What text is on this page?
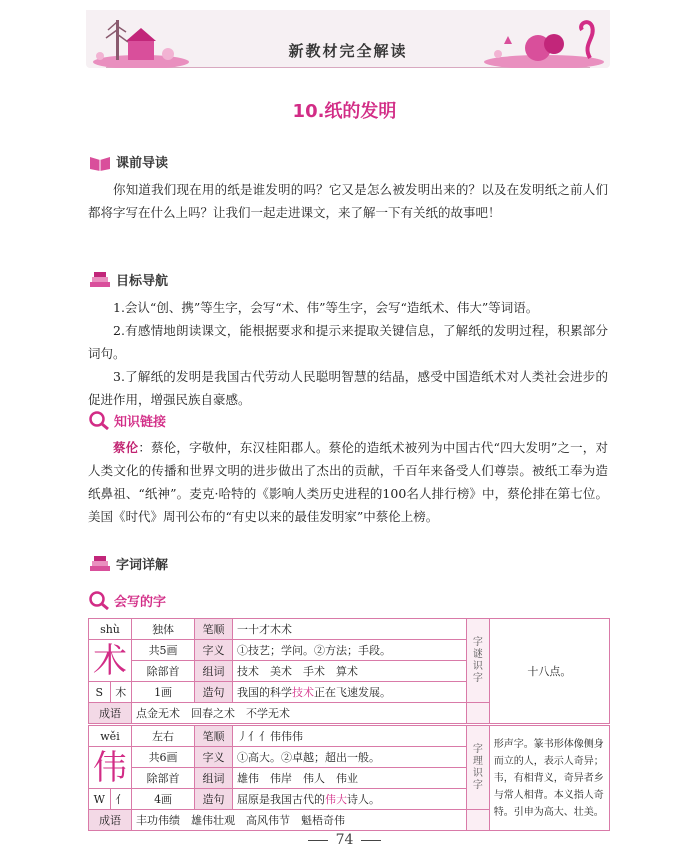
新教材完全解读
10.纸的发明
课前导读

你知道我们现在用的纸是谁发明的吗？它又是怎么被发明出来的？以及在发明纸之前人们都将字写在什么上吗？让我们一起走进课文，来了解一下有关纸的故事吧！

目标导航

1.会认“创、携”等生字，会写“术、伟”等生字，会写“造纸术、伟大”等词语。

2.有感情地朗读课文，能根据要求和提示来提取关键信息，了解纸的发明过程，积累部分词句。

3.了解纸的发明是我国古代劳动人民聪明智慧的结晶，感受中国造纸术对人类社会进步的促进作用，增强民族自豪感。

知识链接

蔡伦：蔡伦，字敬仲，东汉桂阳郡人。蔡伦的造纸术被列为中国古代“四大发明”之一，对人类文化的传播和世界文明的进步做出了杰出的贡献，千百年来备受人们尊崇。被纸工奉为造纸鼻祖、“纸神”。麦克·哈特的《影响人类历史进程的100名人排行榜》中，蔡伦排在第七位。美国《时代》周刊公布的“有史以来的最佳发明家”中蔡伦上榜。

字词详解
会写的字
shù		独体	笔顺	一十才木术	字谜识字	十八点。
术		共5画	字义	①技艺；学问。②方法；手段。		
		除部首	组词	技术　美术　手术　算术		
S	木	1画	造句	我国的科学技术正在飞速发展。		
成语		点金无术　回春之术　不学无术				
wěi		左右	笔顺	丿亻亻伟伟伟	字理识字	形声字。篆书形体像侧身而立的人，表示人奇异；韦，有相背义，奇异者乡与常人相背。本义指人奇特。引申为高大、壮美。
伟		共6画	字义	①高大。②卓越；超出一般。		
		除部首	组词	雄伟　伟岸　伟人　伟业		
W	亻	4画	造句	屈原是我国古代的伟大诗人。		
成语		丰功伟绩　雄伟壮观　高风伟节　魁梧奇伟				
74
